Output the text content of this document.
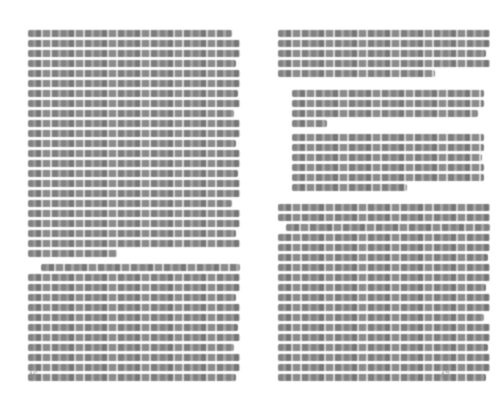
46	47
